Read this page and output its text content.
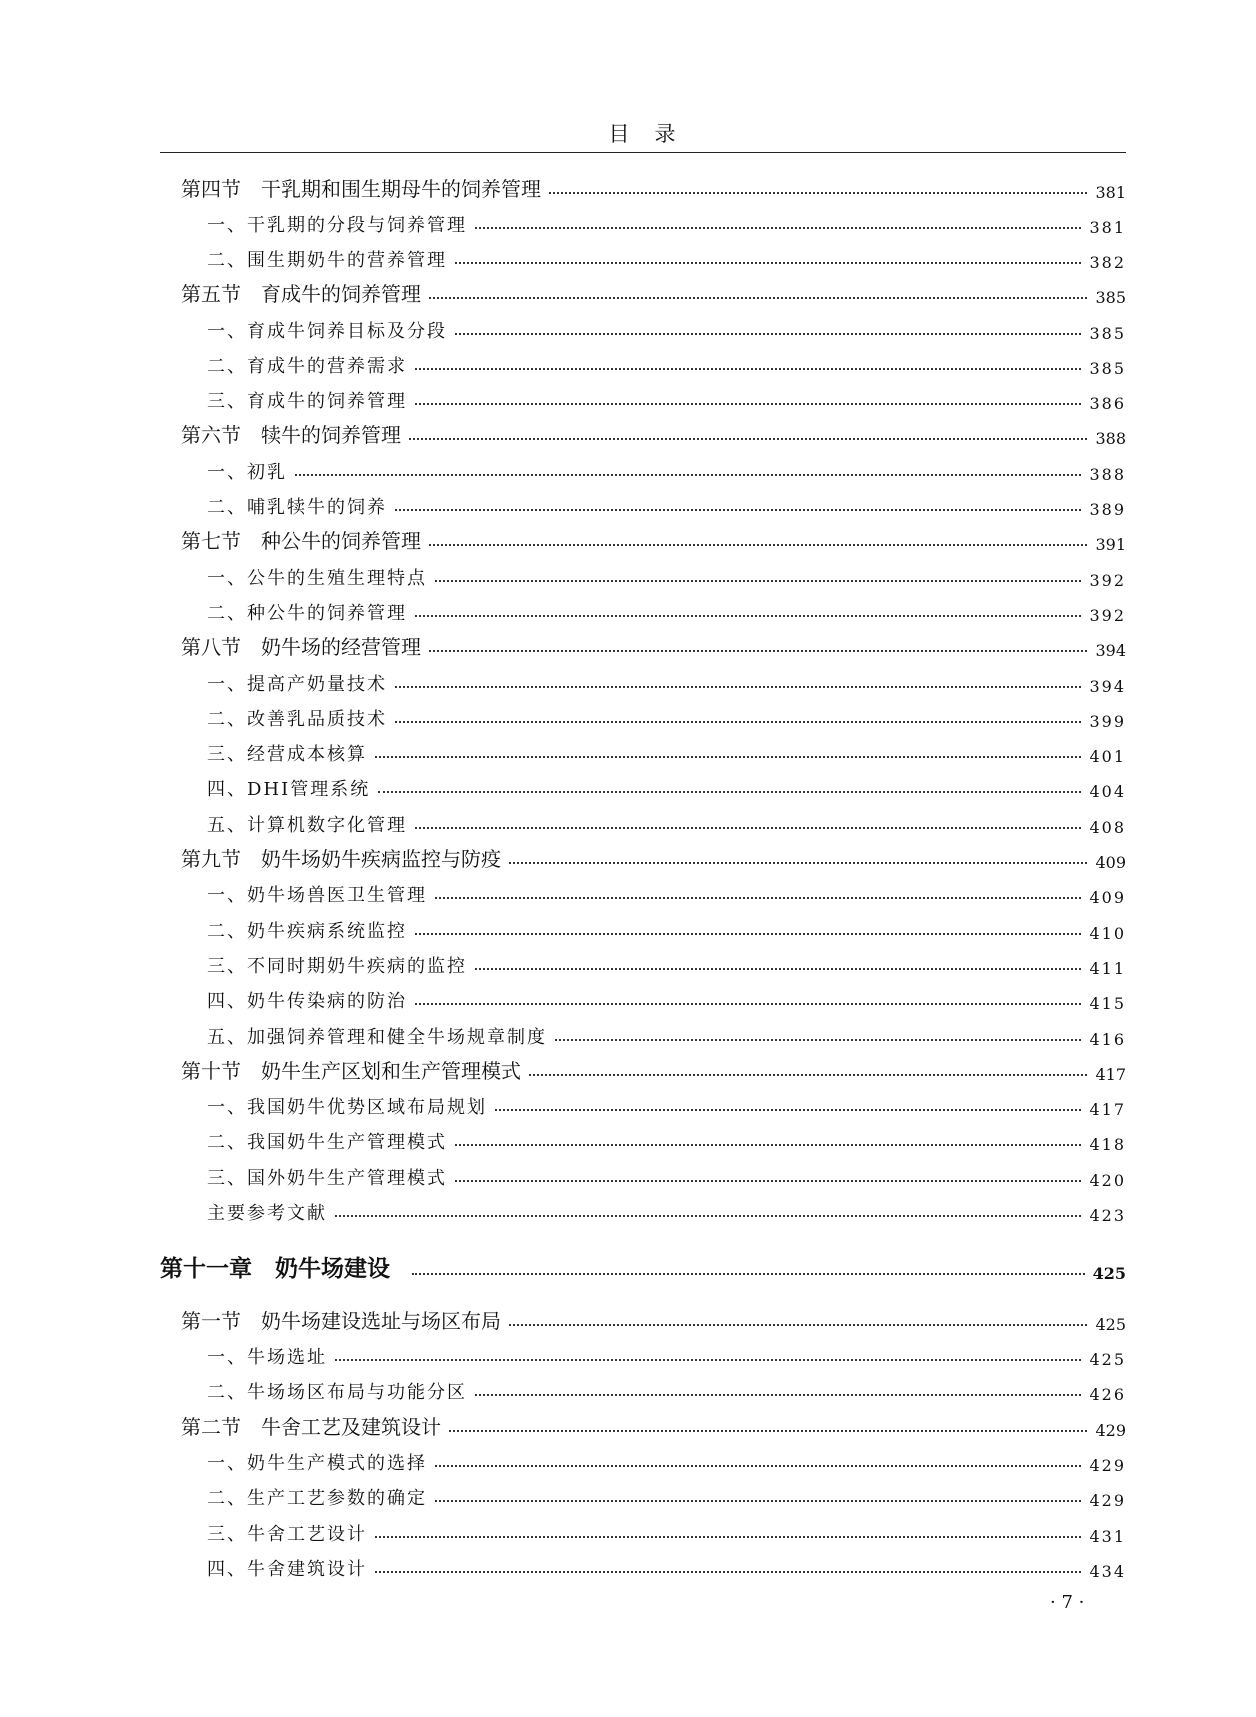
目　录
第四节　干乳期和围生期母牛的饲养管理	381
一、干乳期的分段与饲养管理	381
二、围生期奶牛的营养管理	382
第五节　育成牛的饲养管理	385
一、育成牛饲养目标及分段	385
二、育成牛的营养需求	385
三、育成牛的饲养管理	386
第六节　犊牛的饲养管理	388
一、初乳	388
二、哺乳犊牛的饲养	389
第七节　种公牛的饲养管理	391
一、公牛的生殖生理特点	392
二、种公牛的饲养管理	392
第八节　奶牛场的经营管理	394
一、提高产奶量技术	394
二、改善乳品质技术	399
三、经营成本核算	401
四、DHI管理系统	404
五、计算机数字化管理	408
第九节　奶牛场奶牛疾病监控与防疫	409
一、奶牛场兽医卫生管理	409
二、奶牛疾病系统监控	410
三、不同时期奶牛疾病的监控	411
四、奶牛传染病的防治	415
五、加强饲养管理和健全牛场规章制度	416
第十节　奶牛生产区划和生产管理模式	417
一、我国奶牛优势区域布局规划	417
二、我国奶牛生产管理模式	418
三、国外奶牛生产管理模式	420
主要参考文献	423
第十一章　奶牛场建设	425
第一节　奶牛场建设选址与场区布局	425
一、牛场选址	425
二、牛场场区布局与功能分区	426
第二节　牛舍工艺及建筑设计	429
一、奶牛生产模式的选择	429
二、生产工艺参数的确定	429
三、牛舍工艺设计	431
四、牛舍建筑设计	434
· 7 ·
